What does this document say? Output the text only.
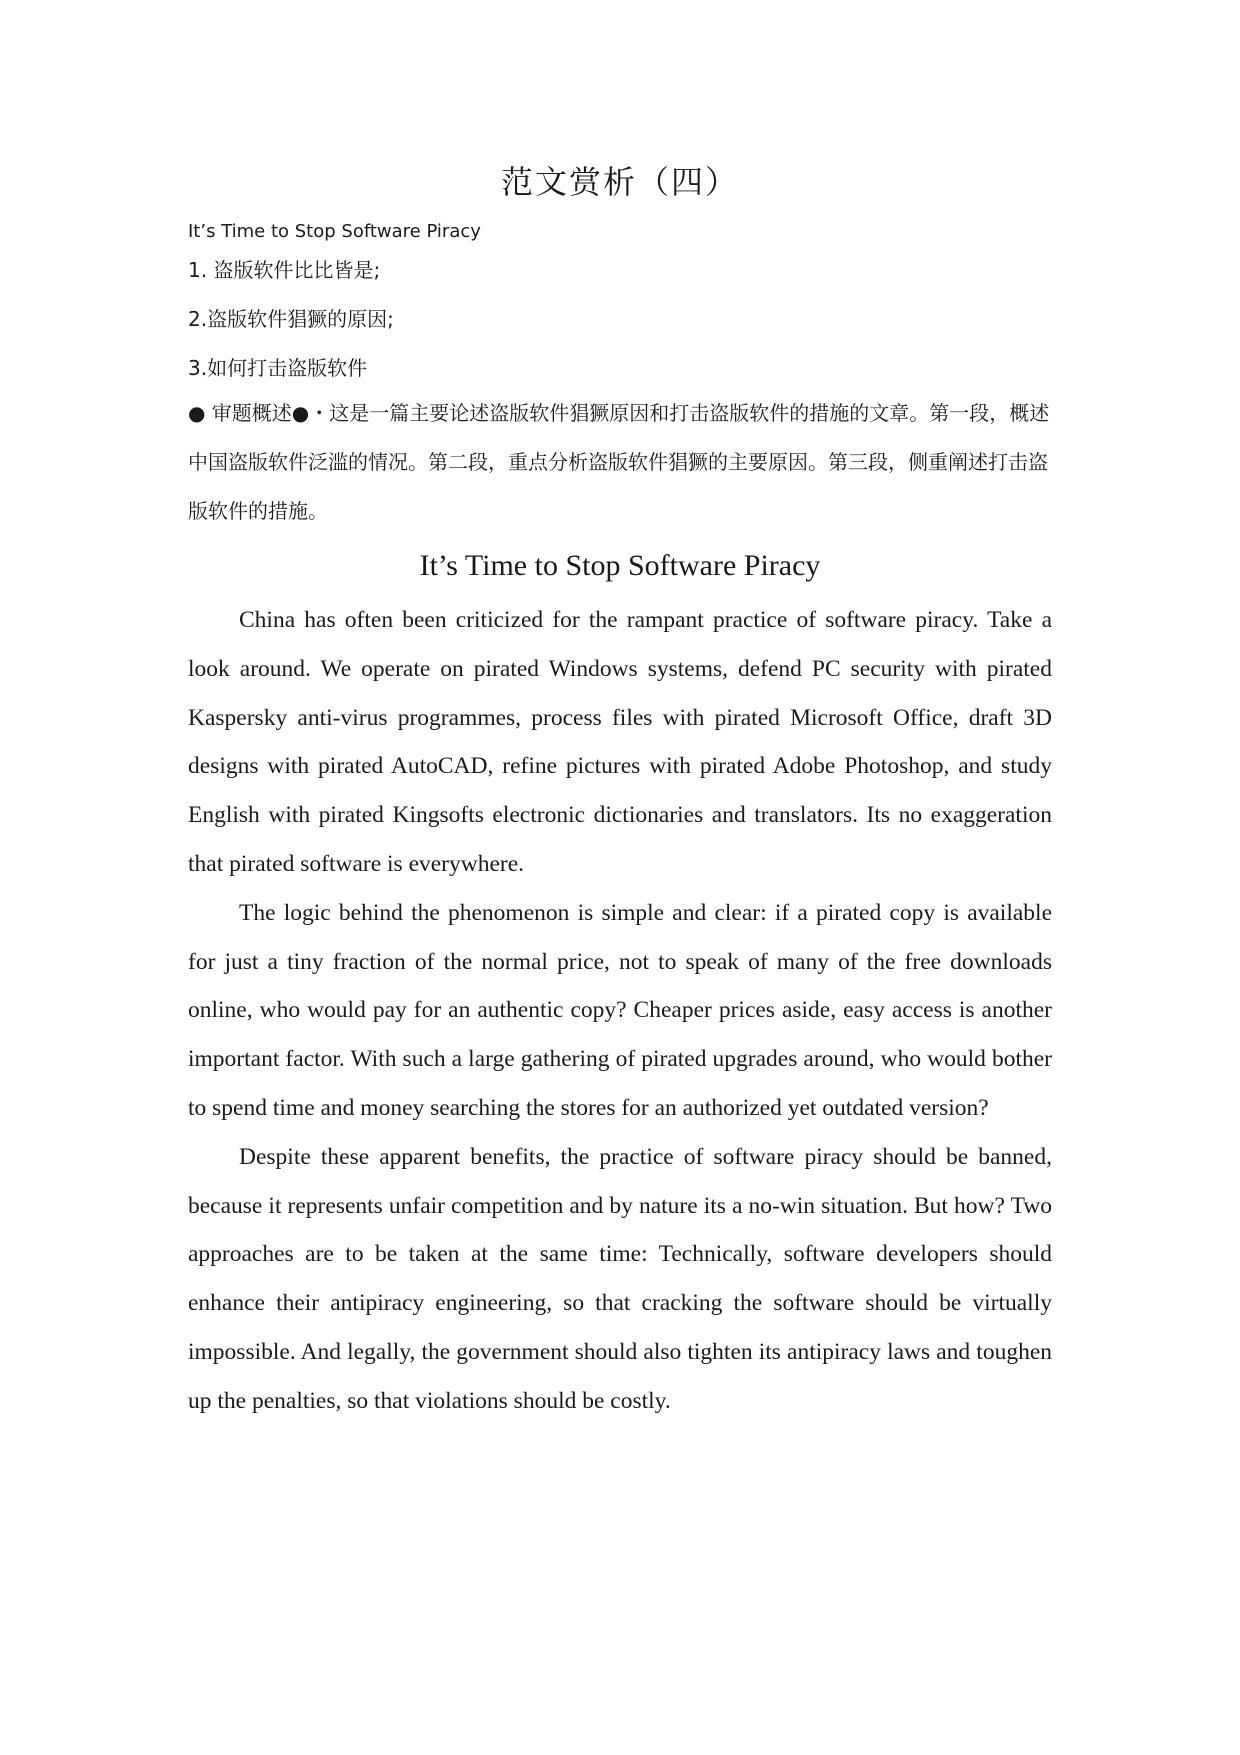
范文赏析（四）
It’s Time to Stop Software Piracy
1. 盗版软件比比皆是;
2.盗版软件猖獗的原因;
3.如何打击盗版软件

● 审题概述●・这是一篇主要论述盗版软件猖獗原因和打击盗版软件的措施的文章。第一段，概述中国盗版软件泛滥的情况。第二段，重点分析盗版软件猖獗的主要原因。第三段，侧重阐述打击盗版软件的措施。

It’s Time to Stop Software Piracy

China has often been criticized for the rampant practice of software piracy. Take a look around. We operate on pirated Windows systems, defend PC security with pirated Kaspersky anti-virus programmes, process files with pirated Microsoft Office, draft 3D designs with pirated AutoCAD, refine pictures with pirated Adobe Photoshop, and study English with pirated Kingsofts electronic dictionaries and translators. Its no exaggeration that pirated software is everywhere.

The logic behind the phenomenon is simple and clear: if a pirated copy is available for just a tiny fraction of the normal price, not to speak of many of the free downloads online, who would pay for an authentic copy? Cheaper prices aside, easy access is another important factor. With such a large gathering of pirated upgrades around, who would bother to spend time and money searching the stores for an authorized yet outdated version?

Despite these apparent benefits, the practice of software piracy should be banned, because it represents unfair competition and by nature its a no-win situation. But how? Two approaches are to be taken at the same time: Technically, software developers should enhance their antipiracy engineering, so that cracking the software should be virtually impossible. And legally, the government should also tighten its antipiracy laws and toughen up the penalties, so that violations should be costly.
